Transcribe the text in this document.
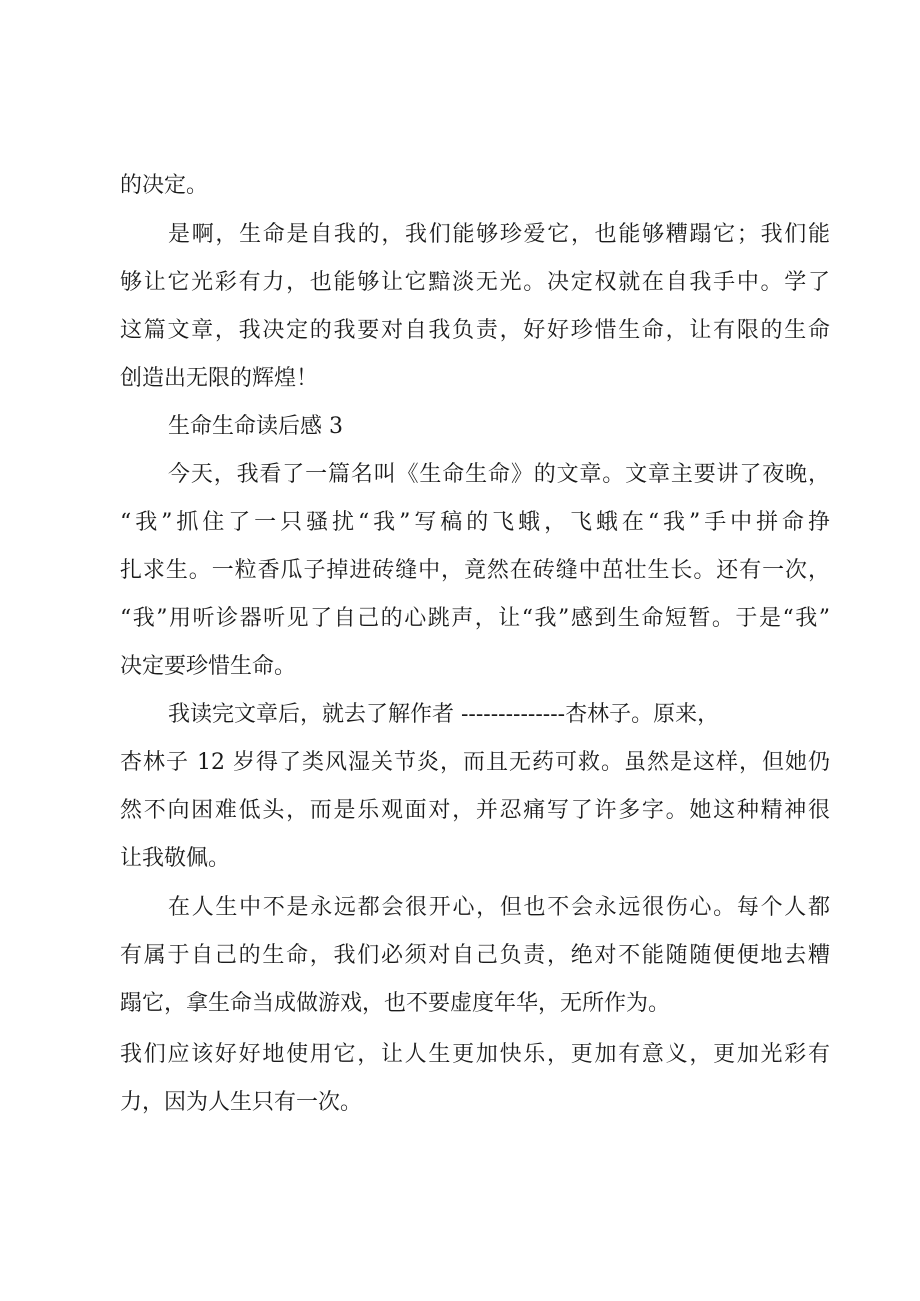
的决定。
是啊，生命是自我的，我们能够珍爱它，也能够糟蹋它；我们能
够让它光彩有力，也能够让它黯淡无光。决定权就在自我手中。学了
这篇文章，我决定的我要对自我负责，好好珍惜生命，让有限的生命
创造出无限的辉煌！
生命生命读后感 3
今天，我看了一篇名叫《生命生命》的文章。文章主要讲了夜晚，
“我”抓住了一只骚扰“我”写稿的飞蛾，飞蛾在“我”手中拼命挣
扎求生。一粒香瓜子掉进砖缝中，竟然在砖缝中茁壮生长。还有一次，
“我”用听诊器听见了自己的心跳声，让“我”感到生命短暂。于是“我”
决定要珍惜生命。
我读完文章后，就去了解作者 --------------杏林子。原来，
杏林子 12 岁得了类风湿关节炎，而且无药可救。虽然是这样，但她仍
然不向困难低头，而是乐观面对，并忍痛写了许多字。她这种精神很
让我敬佩。
在人生中不是永远都会很开心，但也不会永远很伤心。每个人都
有属于自己的生命，我们必须对自己负责，绝对不能随随便便地去糟
蹋它，拿生命当成做游戏，也不要虚度年华，无所作为。
我们应该好好地使用它，让人生更加快乐，更加有意义，更加光彩有
力，因为人生只有一次。
